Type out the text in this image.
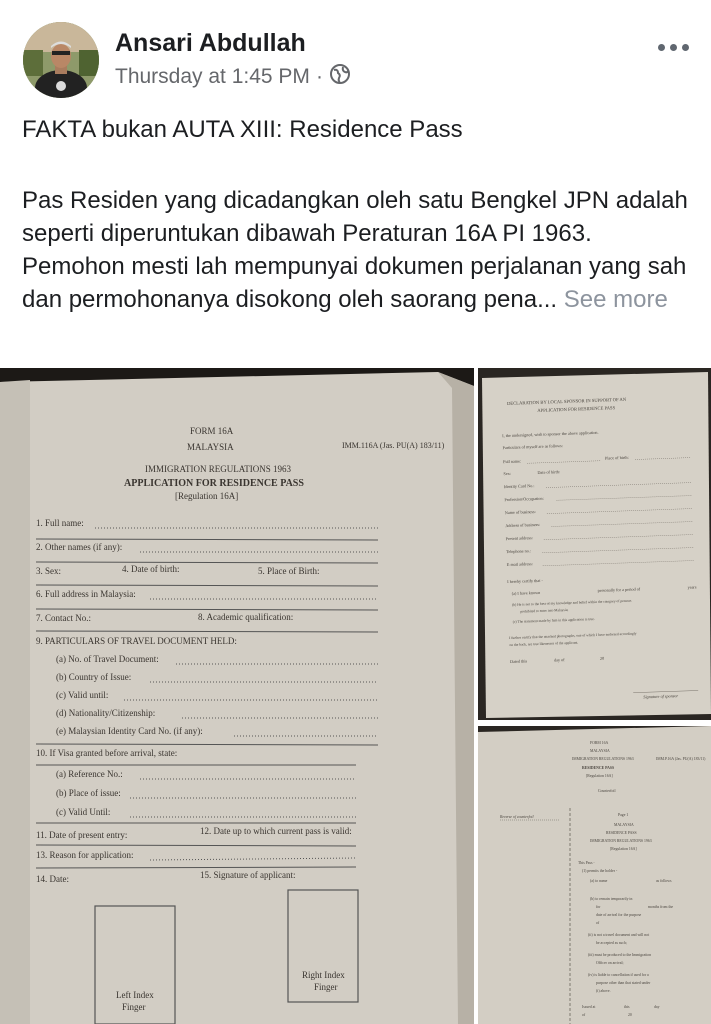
Ansari Abdullah
Thursday at 1:45 PM ·
FAKTA bukan AUTA XIII: Residence Pass
Pas Residen yang dicadangkan oleh satu Bengkel JPN adalah seperti diperuntukan dibawah Peraturan 16A PI 1963. Pemohon mesti lah mempunyai dokumen perjalanan yang sah dan permohonanya disokong oleh saorang pena... See more
FORM 16A
MALAYSIA	IMM.116A (Jas. PU(A) 183/11)
IMMIGRATION REGULATIONS 1963
APPLICATION FOR RESIDENCE PASS
[Regulation 16A]
1. Full name:
2. Other names (if any):
3. Sex:	4. Date of birth:	5. Place of Birth:
6. Full address in Malaysia:
7. Contact No.:	8. Academic qualification:
9. PARTICULARS OF TRAVEL DOCUMENT HELD:
(a) No. of Travel Document:
(b) Country of Issue:
(c) Valid until:
(d) Nationality/Citizenship:
(e) Malaysian Identity Card No. (if any):
10. If Visa granted before arrival, state:
(a) Reference No.:
(b) Place of issue:
(c) Valid Until:
11. Date of present entry:	12. Date up to which current pass is valid:
13. Reason for application:
14. Date:	15. Signature of applicant:
Left Index
Finger
Right Index
Finger
DECLARATION BY LOCAL SPONSOR IN SUPPORT OF AN
APPLICATION FOR RESIDENCE PASS
I, the undersigned, wish to sponsor the above application.
Particulars of myself are as follows:
Full name:
Place of birth:
Sex:	Date of birth:
Identity Card No.:
Profession/Occupation:
Name of business:
Address of business:
Present address:
Telephone no.:
E-mail address:
I hereby certify that -
(a) I have known
personally for a period of	years
(b) He is not to the best of my knowledge and belief within the category of persons
prohibited to enter into Malaysia;
(c) The statement made by him in this application is true.
I further certify that the attached photographs, one of which I have endorsed accordingly
on the back, are true likenesses of the applicant.
Dated this	day of	20
Signature of sponsor
FORM 16A
MALAYSIA
IMMIGRATION REGULATIONS 1963
RESIDENCE PASS
[Regulation 16A]
IMM.P.16A (Jas. PU(A) 183/11)
Counterfoil
Reverse of counterfoil	Page 1
MALAYSIA
RESIDENCE PASS
IMMIGRATION REGULATIONS 1963
[Regulation 16A]
This Pass -
(1) permits the holder -
(a) to name	as follows
(b) to remain temporarily in
for	months from the
date of arrival for the purpose
of
(ii) is not a travel document and will not
be accepted as such;
(iii) must be produced to the Immigration
Officer on arrival;
(iv) is liable to cancellation if used for a
purpose other than that stated under
(i) above.
Issued at	this	day
of	20
